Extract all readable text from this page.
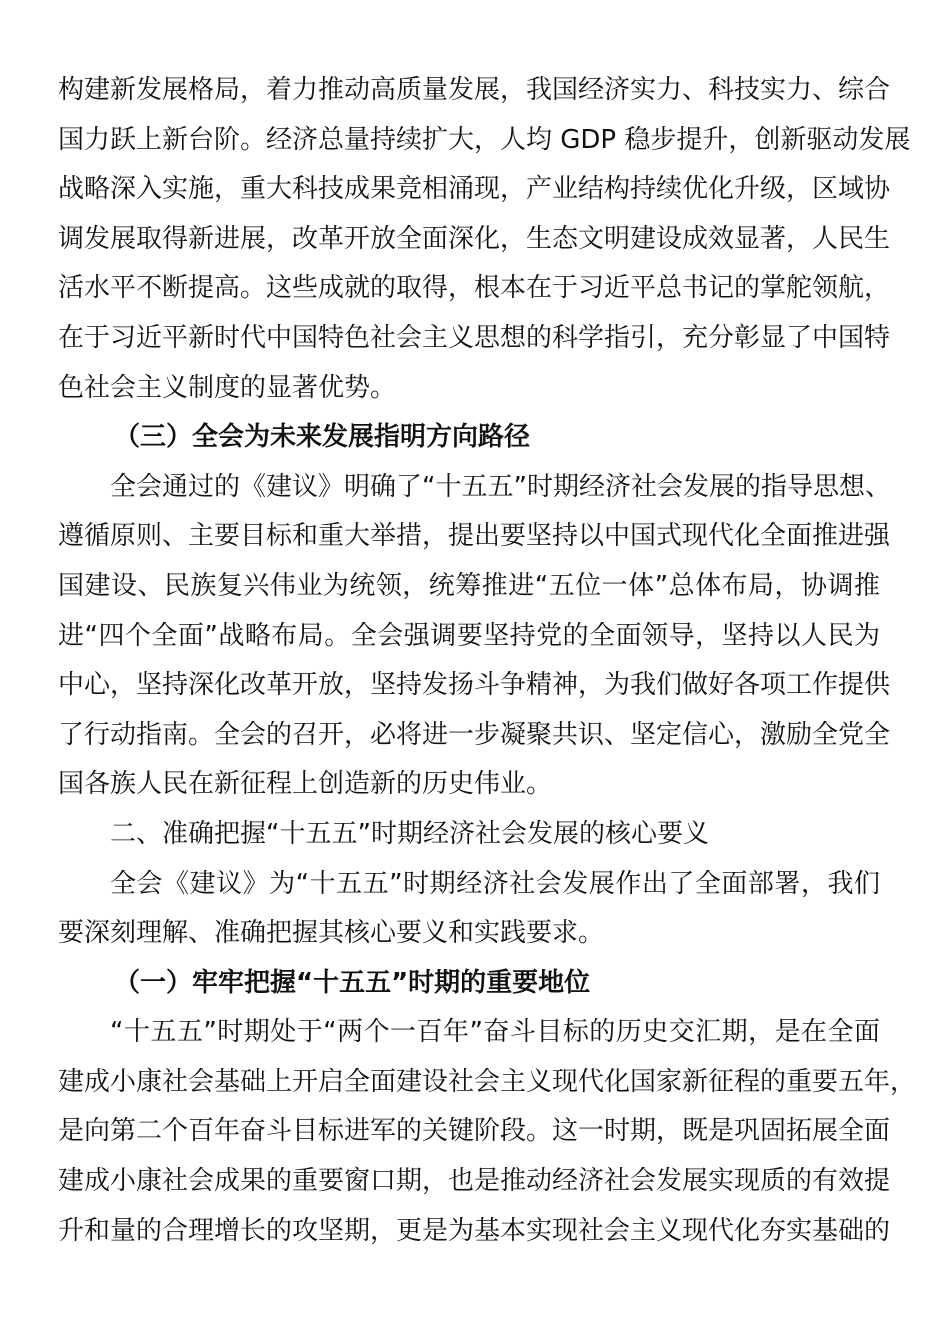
构建新发展格局，着力推动高质量发展，我国经济实力、科技实力、综合
国力跃上新台阶。经济总量持续扩大，人均 GDP 稳步提升，创新驱动发展
战略深入实施，重大科技成果竞相涌现，产业结构持续优化升级，区域协
调发展取得新进展，改革开放全面深化，生态文明建设成效显著，人民生
活水平不断提高。这些成就的取得，根本在于习近平总书记的掌舵领航，
在于习近平新时代中国特色社会主义思想的科学指引，充分彰显了中国特
色社会主义制度的显著优势。
（三）全会为未来发展指明方向路径
全会通过的《建议》明确了“十五五”时期经济社会发展的指导思想、
遵循原则、主要目标和重大举措，提出要坚持以中国式现代化全面推进强
国建设、民族复兴伟业为统领，统筹推进“五位一体”总体布局，协调推
进“四个全面”战略布局。全会强调要坚持党的全面领导，坚持以人民为
中心，坚持深化改革开放，坚持发扬斗争精神，为我们做好各项工作提供
了行动指南。全会的召开，必将进一步凝聚共识、坚定信心，激励全党全
国各族人民在新征程上创造新的历史伟业。
二、准确把握“十五五”时期经济社会发展的核心要义
全会《建议》为“十五五”时期经济社会发展作出了全面部署，我们
要深刻理解、准确把握其核心要义和实践要求。
（一）牢牢把握“十五五”时期的重要地位
“十五五”时期处于“两个一百年”奋斗目标的历史交汇期，是在全面
建成小康社会基础上开启全面建设社会主义现代化国家新征程的重要五年，
是向第二个百年奋斗目标进军的关键阶段。这一时期，既是巩固拓展全面
建成小康社会成果的重要窗口期，也是推动经济社会发展实现质的有效提
升和量的合理增长的攻坚期，更是为基本实现社会主义现代化夯实基础的
